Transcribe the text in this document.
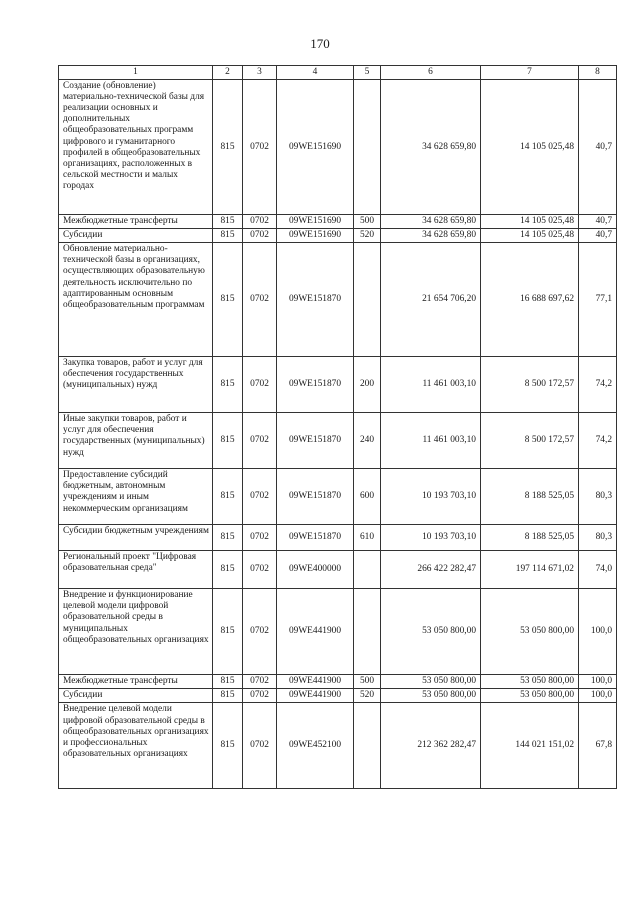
170
1	2	3	4	5	6	7	8
Создание (обновление) материально-технической базы для реализации основных и дополнительных общеобразовательных программ цифрового и гуманитарного профилей в общеобразовательных организациях, расположенных в сельской местности и малых городах	815	0702	09WE151690		34 628 659,80	14 105 025,48	40,7
Межбюджетные трансферты	815	0702	09WE151690	500	34 628 659,80	14 105 025,48	40,7
Субсидии	815	0702	09WE151690	520	34 628 659,80	14 105 025,48	40,7
Обновление материально-технической базы в организациях, осуществляющих образовательную деятельность исключительно по адаптированным основным общеобразовательным программам	815	0702	09WE151870		21 654 706,20	16 688 697,62	77,1
Закупка товаров, работ и услуг для обеспечения государственных (муниципальных) нужд	815	0702	09WE151870	200	11 461 003,10	8 500 172,57	74,2
Иные закупки товаров, работ и услуг для обеспечения государственных (муниципальных) нужд	815	0702	09WE151870	240	11 461 003,10	8 500 172,57	74,2
Предоставление субсидий бюджетным, автономным учреждениям и иным некоммерческим организациям	815	0702	09WE151870	600	10 193 703,10	8 188 525,05	80,3
Субсидии бюджетным учреждениям	815	0702	09WE151870	610	10 193 703,10	8 188 525,05	80,3
Региональный проект "Цифровая образовательная среда"	815	0702	09WE400000		266 422 282,47	197 114 671,02	74,0
Внедрение и функционирование целевой модели цифровой образовательной среды в муниципальных общеобразовательных организациях	815	0702	09WE441900		53 050 800,00	53 050 800,00	100,0
Межбюджетные трансферты	815	0702	09WE441900	500	53 050 800,00	53 050 800,00	100,0
Субсидии	815	0702	09WE441900	520	53 050 800,00	53 050 800,00	100,0
Внедрение целевой модели цифровой образовательной среды в общеобразовательных организациях и профессиональных образовательных организациях	815	0702	09WE452100		212 362 282,47	144 021 151,02	67,8
